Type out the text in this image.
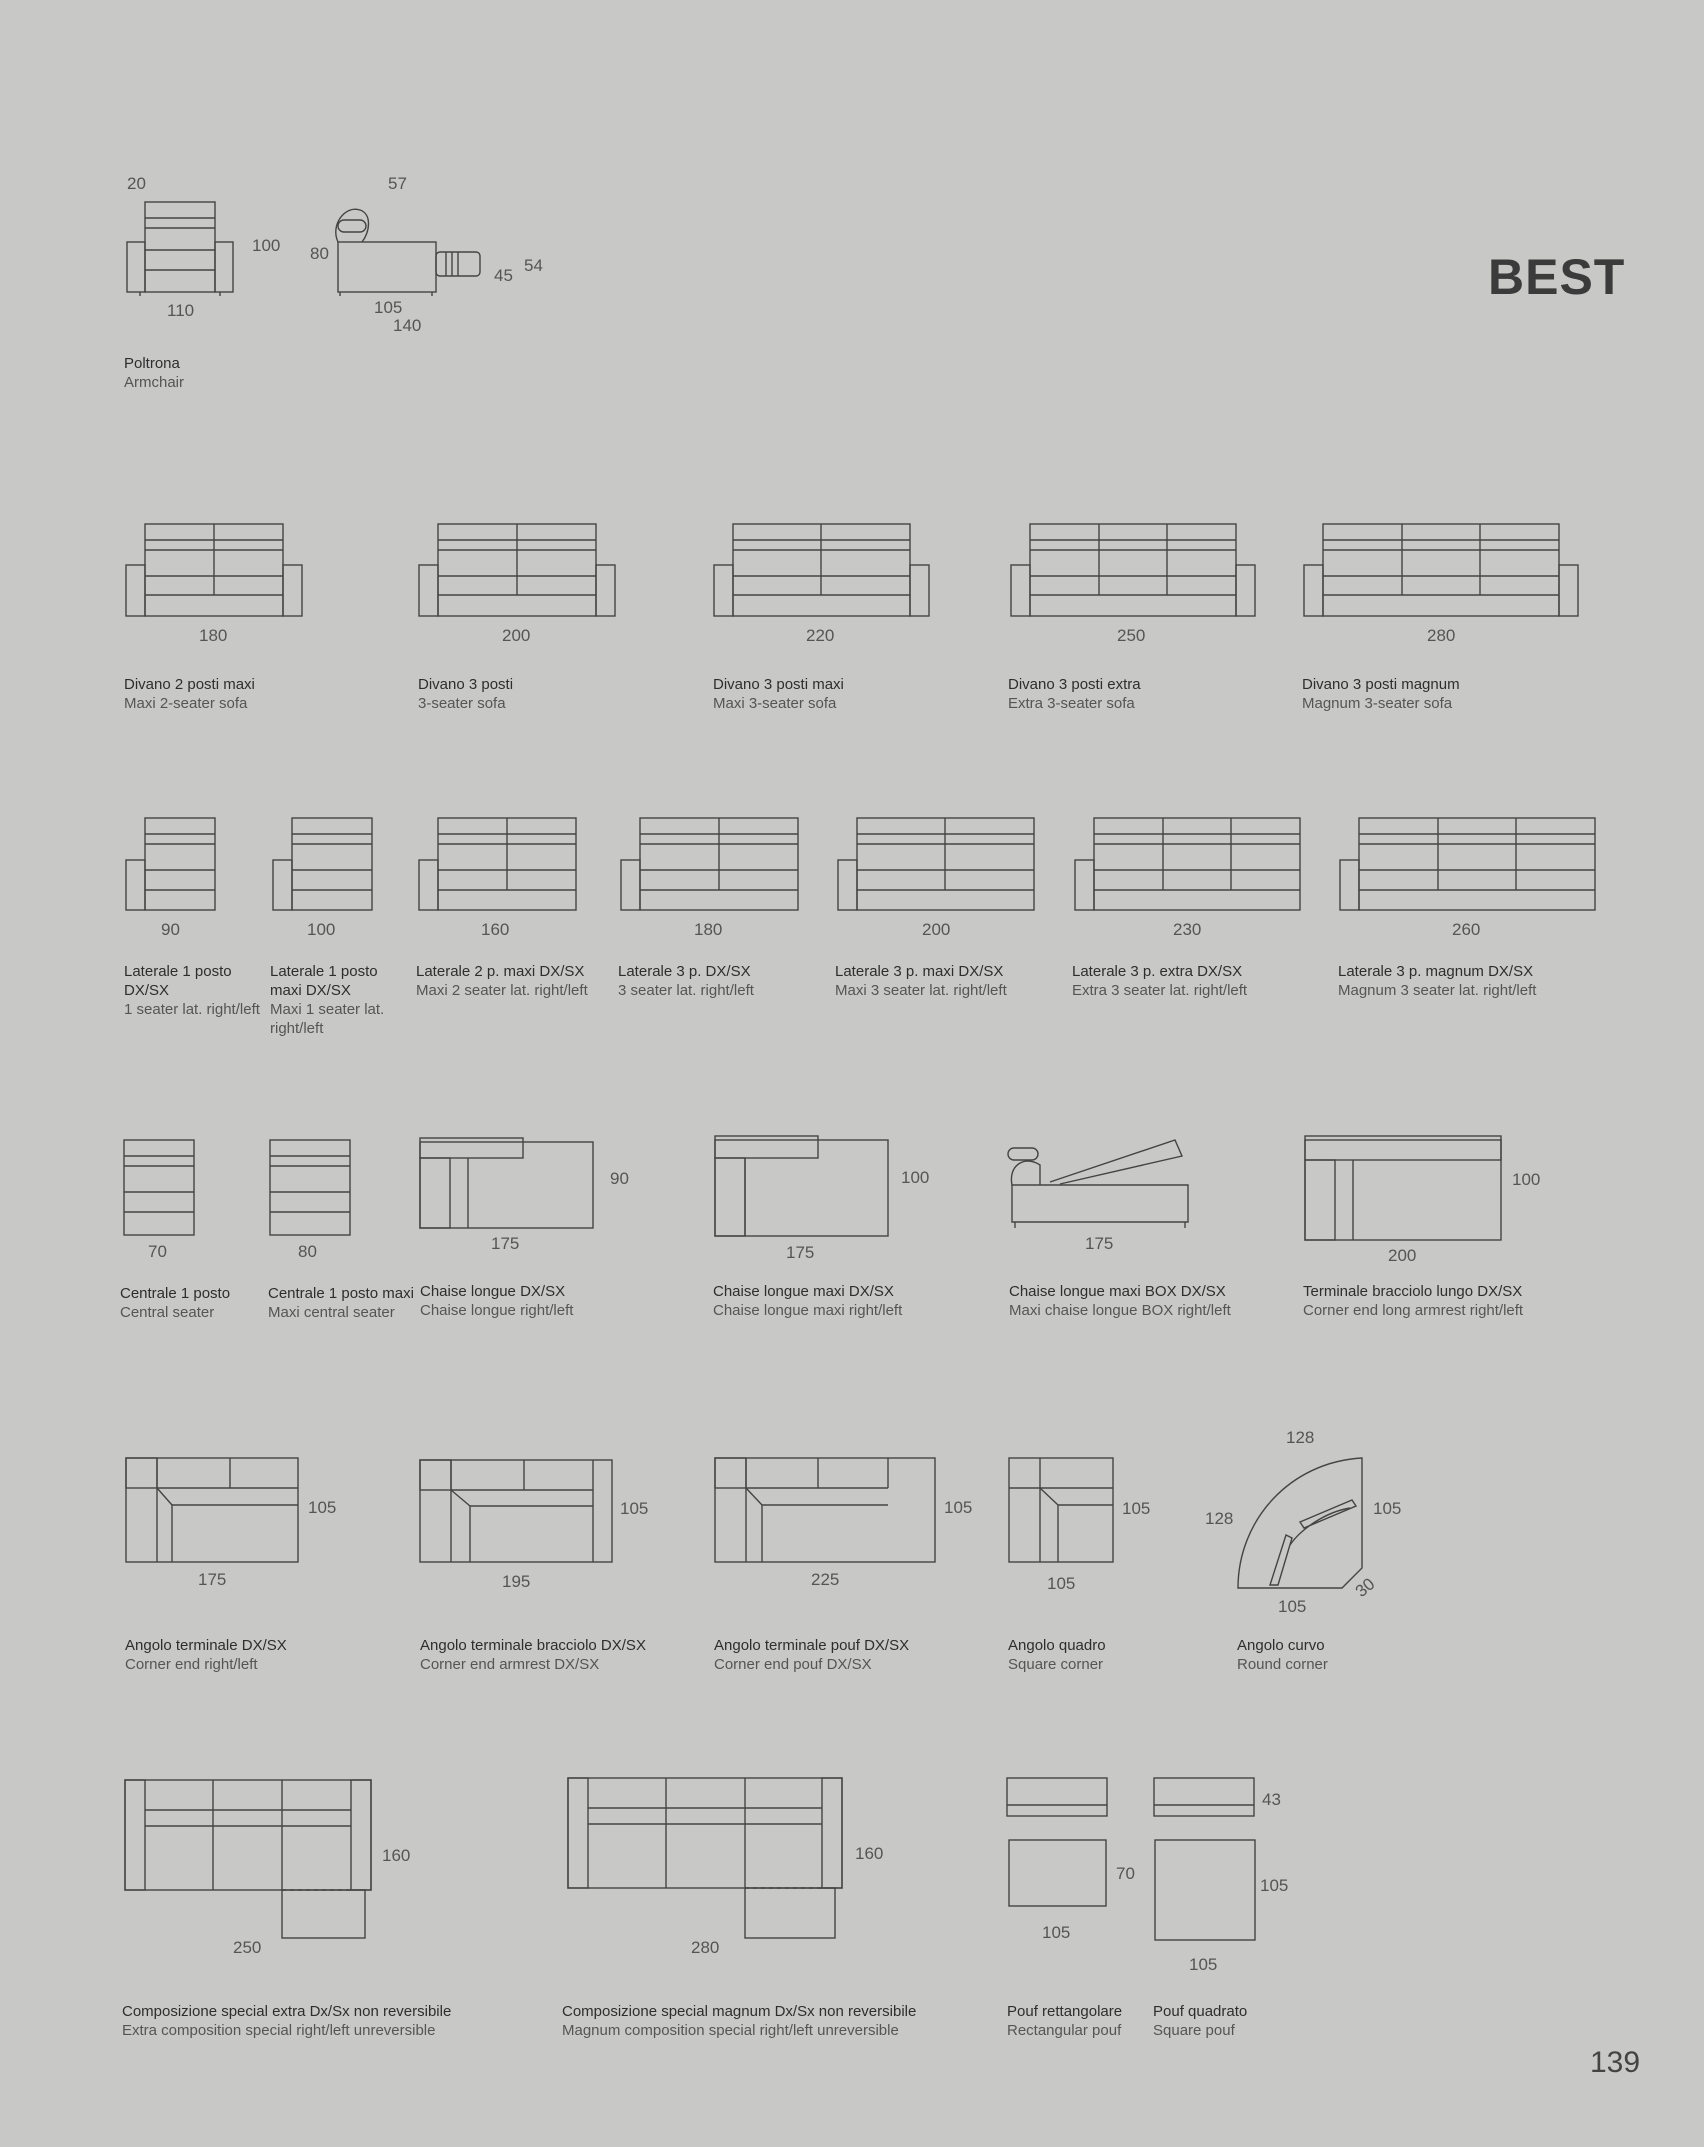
BEST
139
20	57
100 80
54
45
110	105
140
180	200	220	250	280
90	100	160	180	200	230	260
70	80
90
175
100
175	175
100
200
105
175
105
195
105
225
105
105
128
128
105
105
30
160
250
160
280
43
70
105
105
105
Poltrona
Armchair
Divano 2 posti maxi
Maxi 2-seater sofa
Divano 3 posti
3-seater sofa
Divano 3 posti maxi
Maxi 3-seater sofa
Divano 3 posti extra
Extra 3-seater sofa
Divano 3 posti magnum
Magnum 3-seater sofa
Laterale 1 posto DX/SX
1 seater lat. right/left
Laterale 1 posto maxi DX/SX
Maxi 1 seater lat. right/left
Laterale 2 p. maxi DX/SX
Maxi 2 seater lat. right/left
Laterale 3 p. DX/SX
3 seater lat. right/left
Laterale 3 p. maxi DX/SX
Maxi 3 seater lat. right/left
Laterale 3 p. extra DX/SX
Extra 3 seater lat. right/left
Laterale 3 p. magnum DX/SX
Magnum 3 seater lat. right/left
Centrale 1 posto
Central seater
Centrale 1 posto maxi
Maxi central seater
Chaise longue DX/SX
Chaise longue right/left
Chaise longue maxi DX/SX
Chaise longue maxi right/left
Chaise longue maxi BOX DX/SX
Maxi chaise longue BOX right/left
Terminale bracciolo lungo DX/SX
Corner end long armrest right/left
Angolo terminale DX/SX
Corner end right/left
Angolo terminale bracciolo DX/SX
Corner end armrest DX/SX
Angolo terminale pouf DX/SX
Corner end pouf DX/SX
Angolo quadro
Square corner
Angolo curvo
Round corner
Composizione special extra Dx/Sx non reversibile
Extra composition special right/left unreversible
Composizione special magnum Dx/Sx non reversibile
Magnum composition special right/left unreversible
Pouf rettangolare
Rectangular pouf
Pouf quadrato
Square pouf
